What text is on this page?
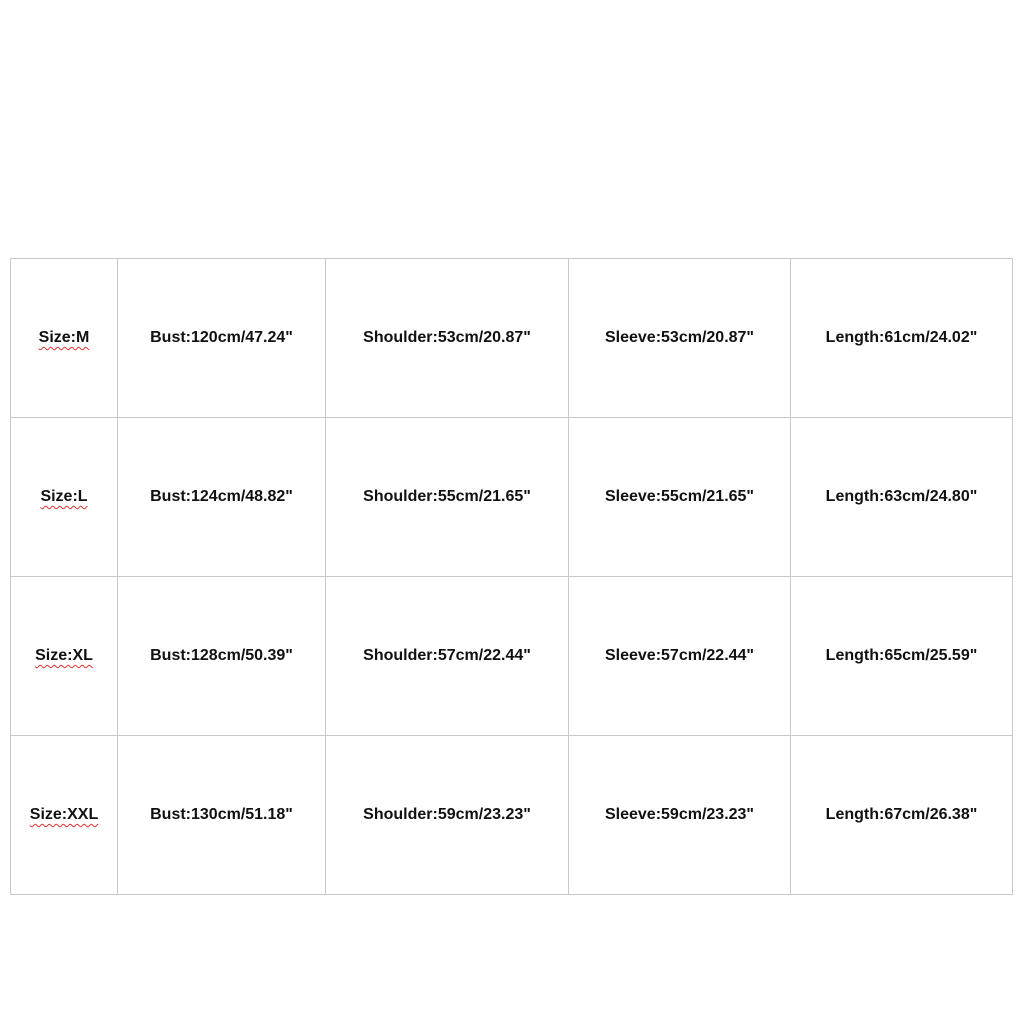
Size:M	Bust:120cm/47.24"	Shoulder:53cm/20.87"	Sleeve:53cm/20.87"	Length:61cm/24.02"
Size:L	Bust:124cm/48.82"	Shoulder:55cm/21.65"	Sleeve:55cm/21.65"	Length:63cm/24.80"
Size:XL	Bust:128cm/50.39"	Shoulder:57cm/22.44"	Sleeve:57cm/22.44"	Length:65cm/25.59"
Size:XXL	Bust:130cm/51.18"	Shoulder:59cm/23.23"	Sleeve:59cm/23.23"	Length:67cm/26.38"
